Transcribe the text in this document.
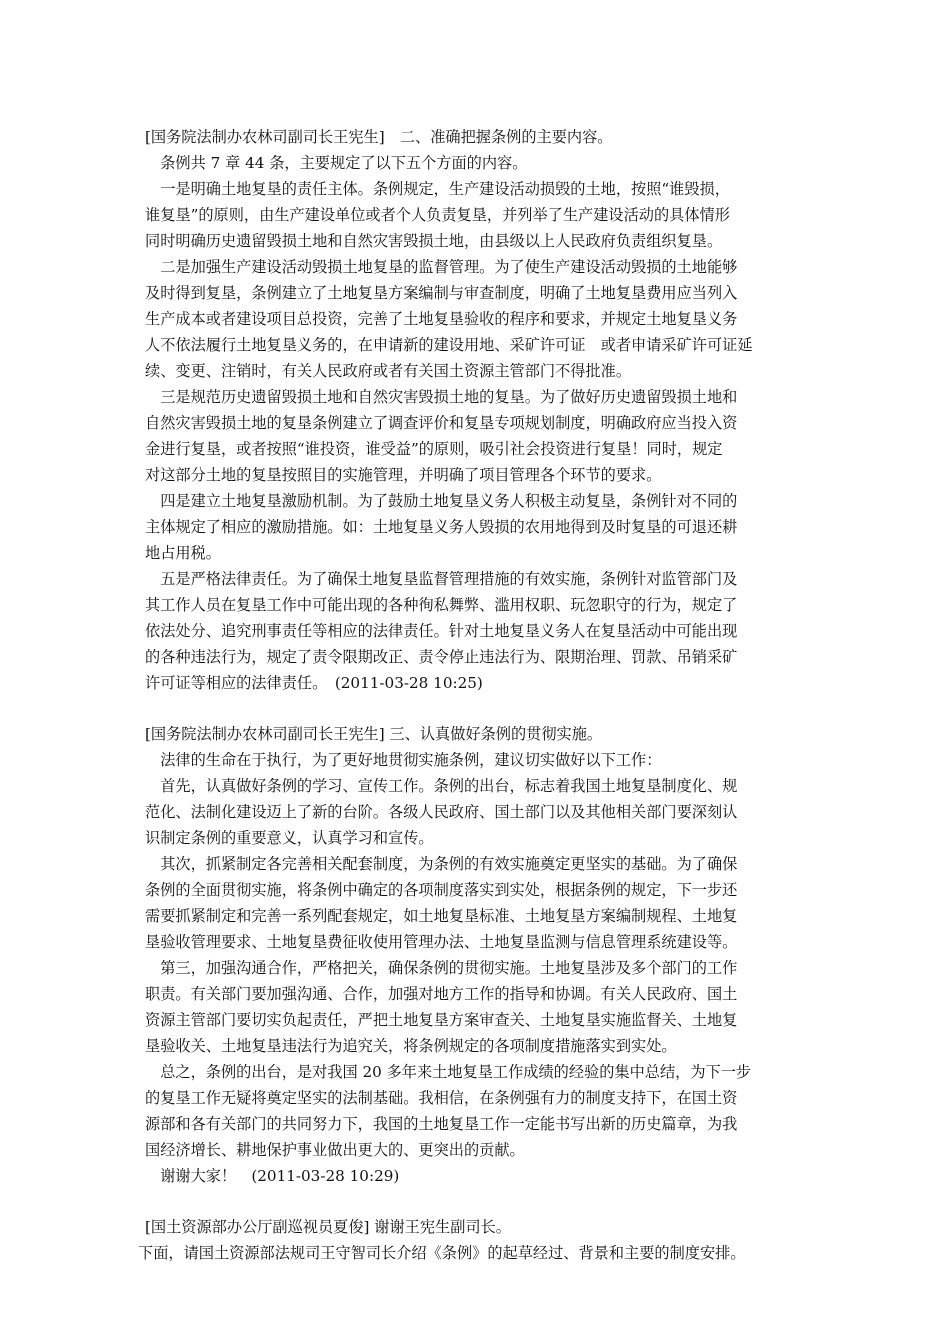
[国务院法制办农林司副司长王宪生]　二、准确把握条例的主要内容。
　条例共 7 章 44 条，主要规定了以下五个方面的内容。
　一是明确土地复垦的责任主体。条例规定，生产建设活动损毁的土地，按照“谁毁损，
谁复垦”的原则，由生产建设单位或者个人负责复垦，并列举了生产建设活动的具体情形
同时明确历史遗留毁损土地和自然灾害毁损土地，由县级以上人民政府负责组织复垦。
　二是加强生产建设活动毁损土地复垦的监督管理。为了使生产建设活动毁损的土地能够
及时得到复垦，条例建立了土地复垦方案编制与审查制度，明确了土地复垦费用应当列入
生产成本或者建设项目总投资，完善了土地复垦验收的程序和要求，并规定土地复垦义务
人不依法履行土地复垦义务的，在申请新的建设用地、采矿许可证　或者申请采矿许可证延
续、变更、注销时，有关人民政府或者有关国土资源主管部门不得批准。
　三是规范历史遗留毁损土地和自然灾害毁损土地的复垦。为了做好历史遗留毁损土地和
自然灾害毁损土地的复垦条例建立了调查评价和复垦专项规划制度，明确政府应当投入资
金进行复垦，或者按照“谁投资，谁受益”的原则，吸引社会投资进行复垦！同时，规定
对这部分土地的复垦按照目的实施管理，并明确了项目管理各个环节的要求。
　四是建立土地复垦激励机制。为了鼓励土地复垦义务人积极主动复垦，条例针对不同的
主体规定了相应的激励措施。如：土地复垦义务人毁损的农用地得到及时复垦的可退还耕
地占用税。
　五是严格法律责任。为了确保土地复垦监督管理措施的有效实施，条例针对监管部门及
其工作人员在复垦工作中可能出现的各种徇私舞弊、滥用权职、玩忽职守的行为，规定了
依法处分、追究刑事责任等相应的法律责任。针对土地复垦义务人在复垦活动中可能出现
的各种违法行为，规定了责令限期改正、责令停止违法行为、限期治理、罚款、吊销采矿
许可证等相应的法律责任。　(2011-03-28 10:25)
[国务院法制办农林司副司长王宪生] 三、认真做好条例的贯彻实施。
　法律的生命在于执行，为了更好地贯彻实施条例，建议切实做好以下工作：
　首先，认真做好条例的学习、宣传工作。条例的出台，标志着我国土地复垦制度化、规
范化、法制化建设迈上了新的台阶。各级人民政府、国土部门以及其他相关部门要深刻认
识制定条例的重要意义，认真学习和宣传。
　其次，抓紧制定各完善相关配套制度，为条例的有效实施奠定更坚实的基础。为了确保
条例的全面贯彻实施，将条例中确定的各项制度落实到实处，根据条例的规定，下一步还
需要抓紧制定和完善一系列配套规定，如土地复垦标准、土地复垦方案编制规程、土地复
垦验收管理要求、土地复垦费征收使用管理办法、土地复垦监测与信息管理系统建设等。
　第三，加强沟通合作，严格把关，确保条例的贯彻实施。土地复垦涉及多个部门的工作
职责。有关部门要加强沟通、合作，加强对地方工作的指导和协调。有关人民政府、国土
资源主管部门要切实负起责任，严把土地复垦方案审查关、土地复垦实施监督关、土地复
垦验收关、土地复垦违法行为追究关，将条例规定的各项制度措施落实到实处。
　总之，条例的出台，是对我国 20 多年来土地复垦工作成绩的经验的集中总结，为下一步
的复垦工作无疑将奠定坚实的法制基础。我相信，在条例强有力的制度支持下，在国土资
源部和各有关部门的共同努力下，我国的土地复垦工作一定能书写出新的历史篇章，为我
国经济增长、耕地保护事业做出更大的、更突出的贡献。
　谢谢大家！　(2011-03-28 10:29)
[国土资源部办公厅副巡视员夏俊] 谢谢王宪生副司长。
下面，请国土资源部法规司王守智司长介绍《条例》的起草经过、背景和主要的制度安排。
